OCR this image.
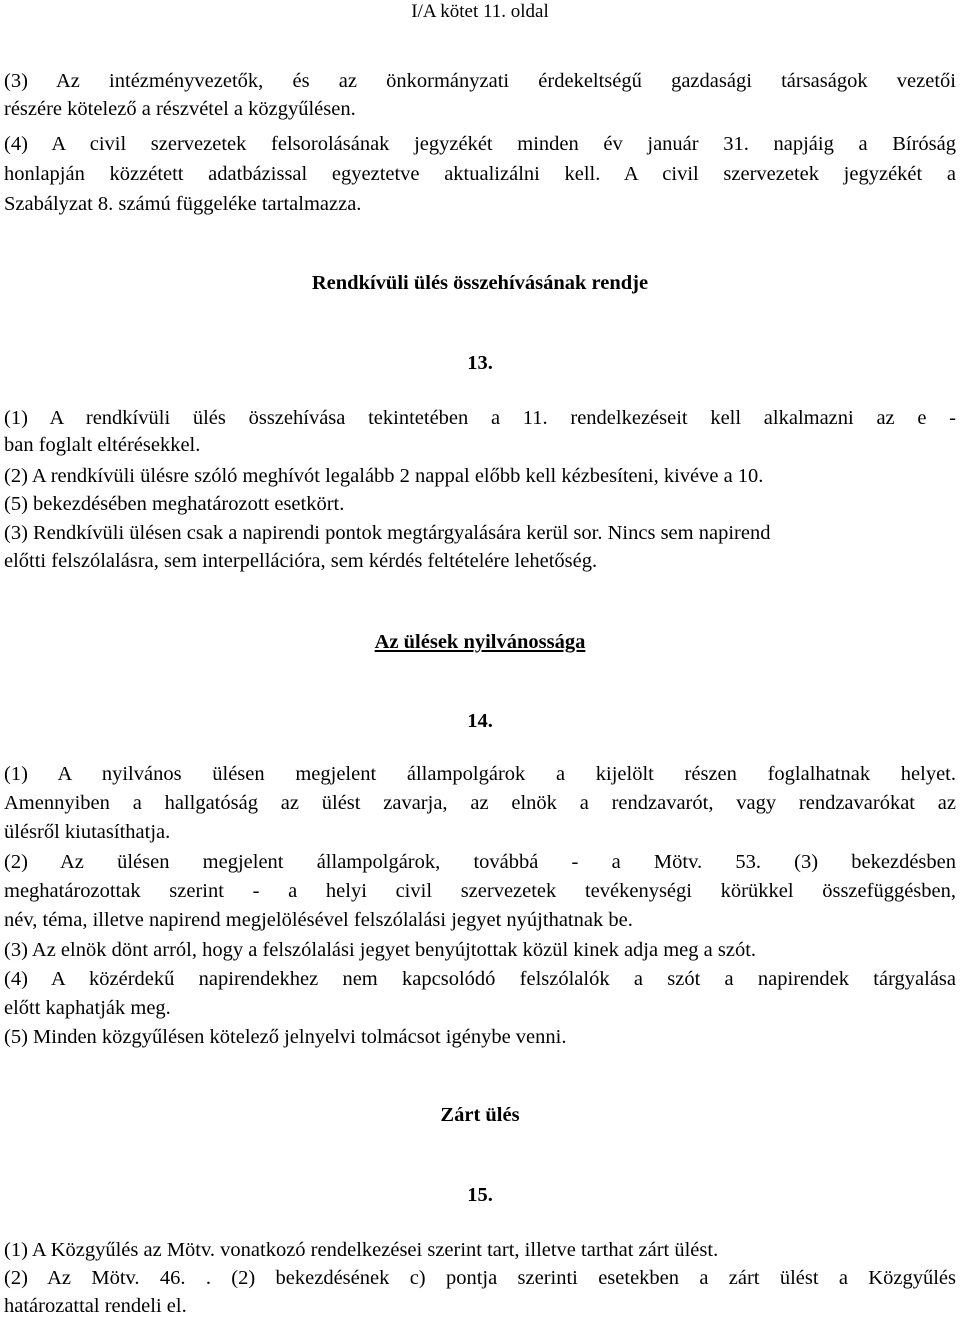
I/A kötet 11. oldal
(3) Az intézményvezetők, és az önkormányzati érdekeltségű gazdasági társaságok vezetői
részére kötelező a részvétel a közgyűlésen.
(4) A civil szervezetek felsorolásának jegyzékét minden év január 31. napjáig a Bíróság
honlapján közzétett adatbázissal egyeztetve aktualizálni kell. A civil szervezetek jegyzékét a
Szabályzat 8. számú függeléke tartalmazza.
Rendkívüli ülés összehívásának rendje
13.
(1) A rendkívüli ülés összehívása tekintetében a 11. rendelkezéseit kell alkalmazni az e -
ban foglalt eltérésekkel.
(2) A rendkívüli ülésre szóló meghívót legalább 2 nappal előbb kell kézbesíteni, kivéve a 10.
(5) bekezdésében meghatározott esetkört.
(3) Rendkívüli ülésen csak a napirendi pontok megtárgyalására kerül sor. Nincs sem napirend
előtti felszólalásra, sem interpellációra, sem kérdés feltételére lehetőség.
Az ülések nyilvánossága
14.
(1) A nyilvános ülésen megjelent állampolgárok a kijelölt részen foglalhatnak helyet.
Amennyiben a hallgatóság az ülést zavarja, az elnök a rendzavarót, vagy rendzavarókat az
ülésről kiutasíthatja.
(2) Az ülésen megjelent állampolgárok, továbbá - a Mötv. 53. (3) bekezdésben
meghatározottak szerint - a helyi civil szervezetek tevékenységi körükkel összefüggésben,
név, téma, illetve napirend megjelölésével felszólalási jegyet nyújthatnak be.
(3) Az elnök dönt arról, hogy a felszólalási jegyet benyújtottak közül kinek adja meg a szót.
(4) A közérdekű napirendekhez nem kapcsolódó felszólalók a szót a napirendek tárgyalása
előtt kaphatják meg.
(5) Minden közgyűlésen kötelező jelnyelvi tolmácsot igénybe venni.
Zárt ülés
15.
(1) A Közgyűlés az Mötv. vonatkozó rendelkezései szerint tart, illetve tarthat zárt ülést.
(2) Az Mötv. 46. . (2) bekezdésének c) pontja szerinti esetekben a zárt ülést a Közgyűlés
határozattal rendeli el.
